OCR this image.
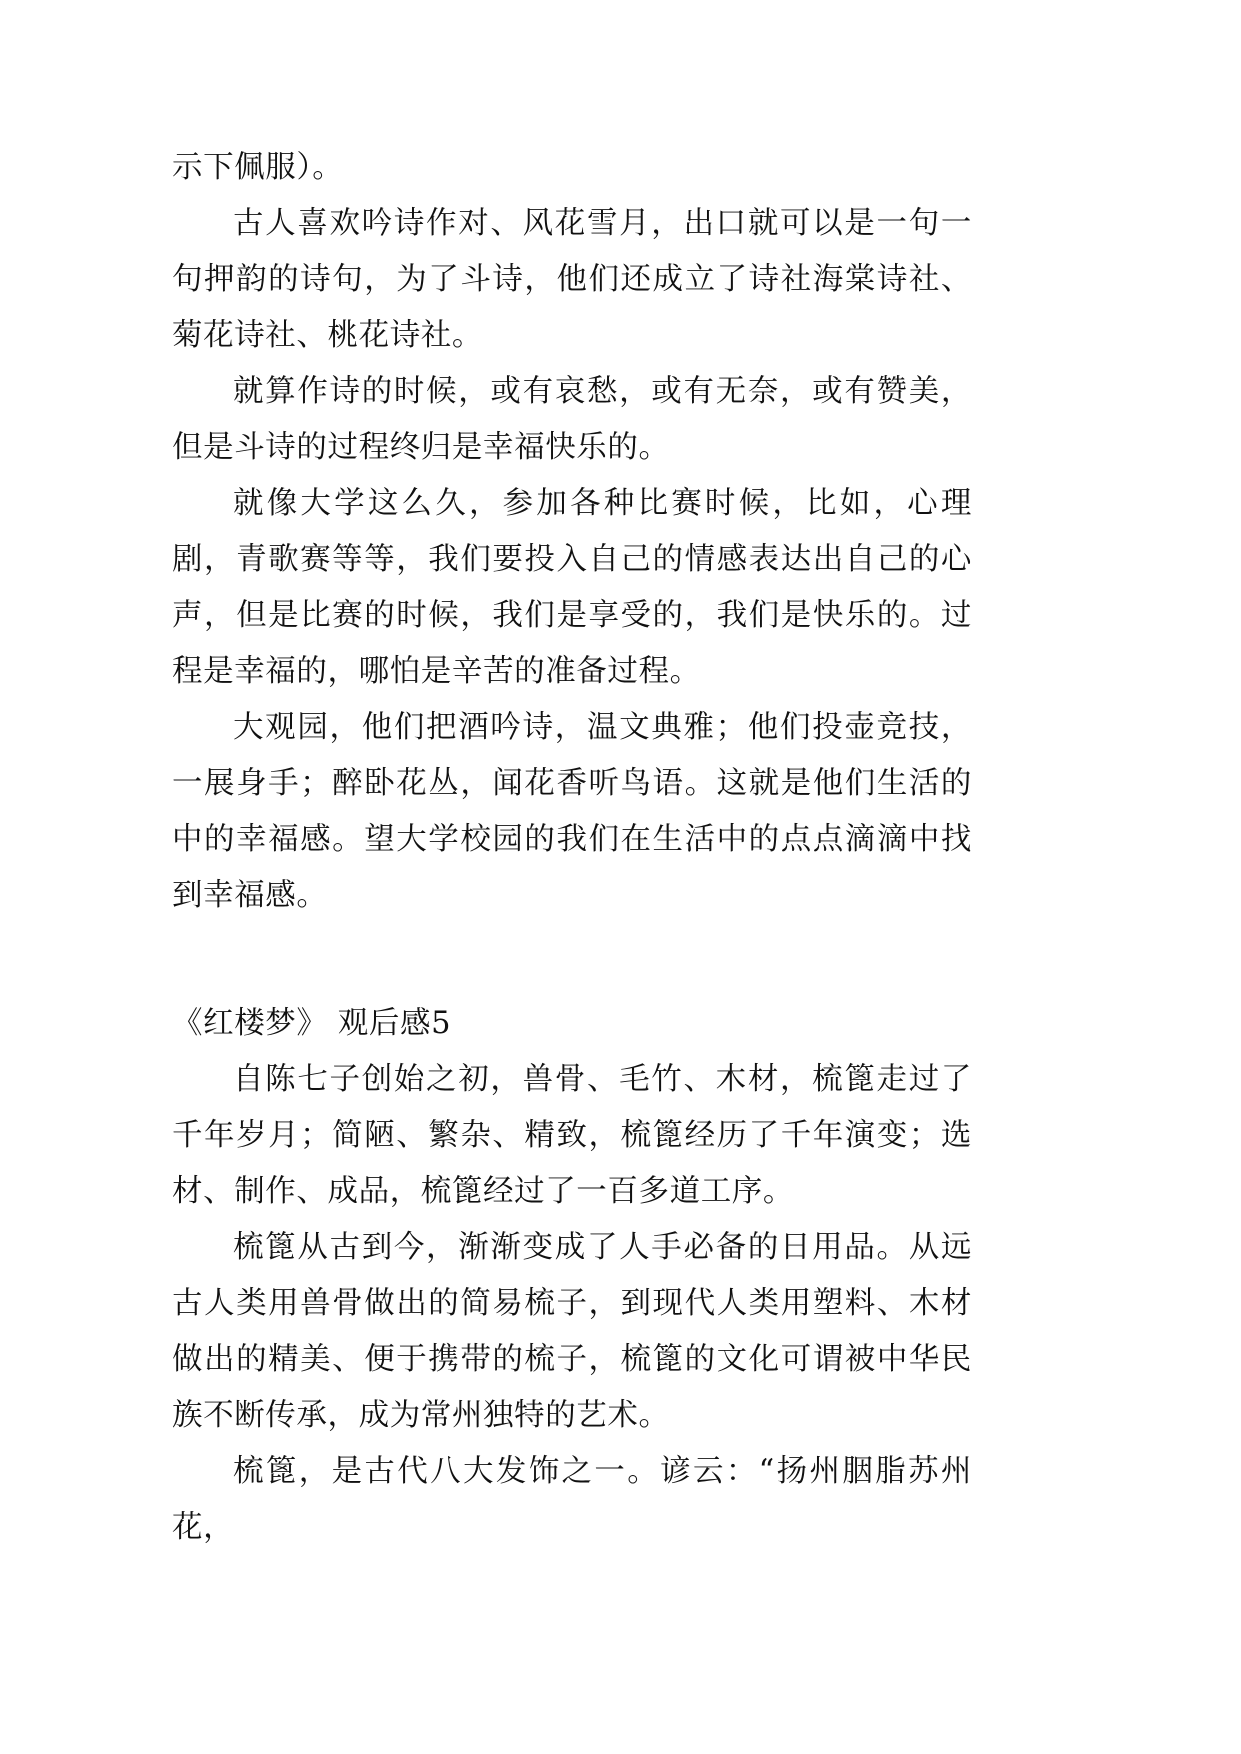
示下佩服）。

古人喜欢吟诗作对、风花雪月，出口就可以是一句一句押韵的诗句，为了斗诗，他们还成立了诗社海棠诗社、菊花诗社、桃花诗社。

就算作诗的时候，或有哀愁，或有无奈，或有赞美，但是斗诗的过程终归是幸福快乐的。

就像大学这么久，参加各种比赛时候，比如，心理剧，青歌赛等等，我们要投入自己的情感表达出自己的心声，但是比赛的时候，我们是享受的，我们是快乐的。过程是幸福的，哪怕是辛苦的准备过程。

大观园，他们把酒吟诗，温文典雅；他们投壶竞技，一展身手；醉卧花丛，闻花香听鸟语。这就是他们生活的中的幸福感。望大学校园的我们在生活中的点点滴滴中找到幸福感。

《红楼梦》 观后感5

自陈七子创始之初，兽骨、毛竹、木材，梳篦走过了千年岁月；简陋、繁杂、精致，梳篦经历了千年演变；选材、制作、成品，梳篦经过了一百多道工序。

梳篦从古到今，渐渐变成了人手必备的日用品。从远古人类用兽骨做出的简易梳子，到现代人类用塑料、木材做出的精美、便于携带的梳子，梳篦的文化可谓被中华民族不断传承，成为常州独特的艺术。

梳篦，是古代八大发饰之一。谚云：“扬州胭脂苏州花，
